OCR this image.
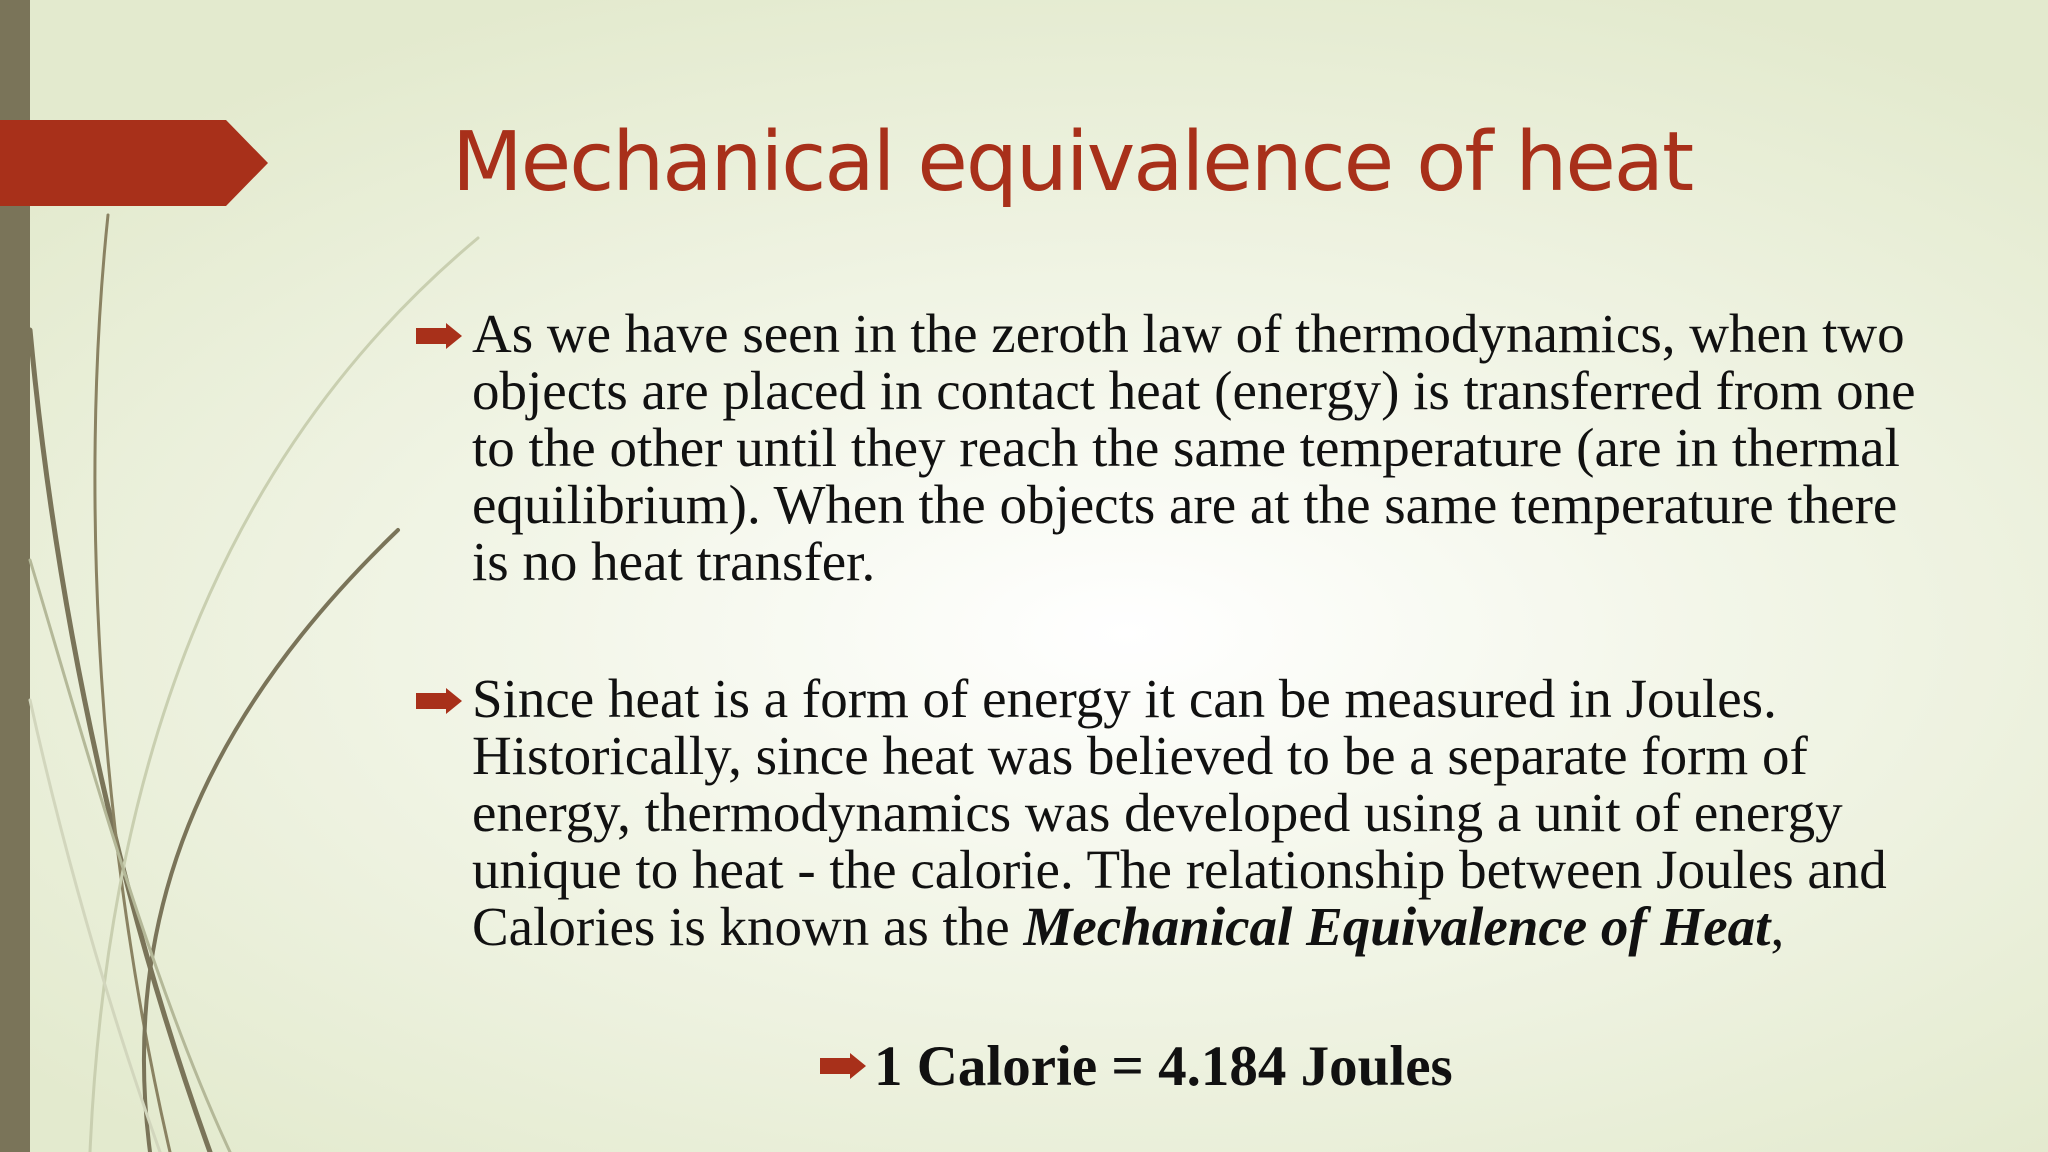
Mechanical equivalence of heat
As we have seen in the zeroth law of thermodynamics, when two objects are placed in contact heat (energy) is transferred from one to the other until they reach the same temperature (are in thermal equilibrium). When the objects are at the same temperature there is no heat transfer.
Since heat is a form of energy it can be measured in Joules. Historically, since heat was believed to be a separate form of energy, thermodynamics was developed using a unit of energy unique to heat - the calorie. The relationship between Joules and Calories is known as the Mechanical Equivalence of Heat,
1 Calorie = 4.184 Joules
